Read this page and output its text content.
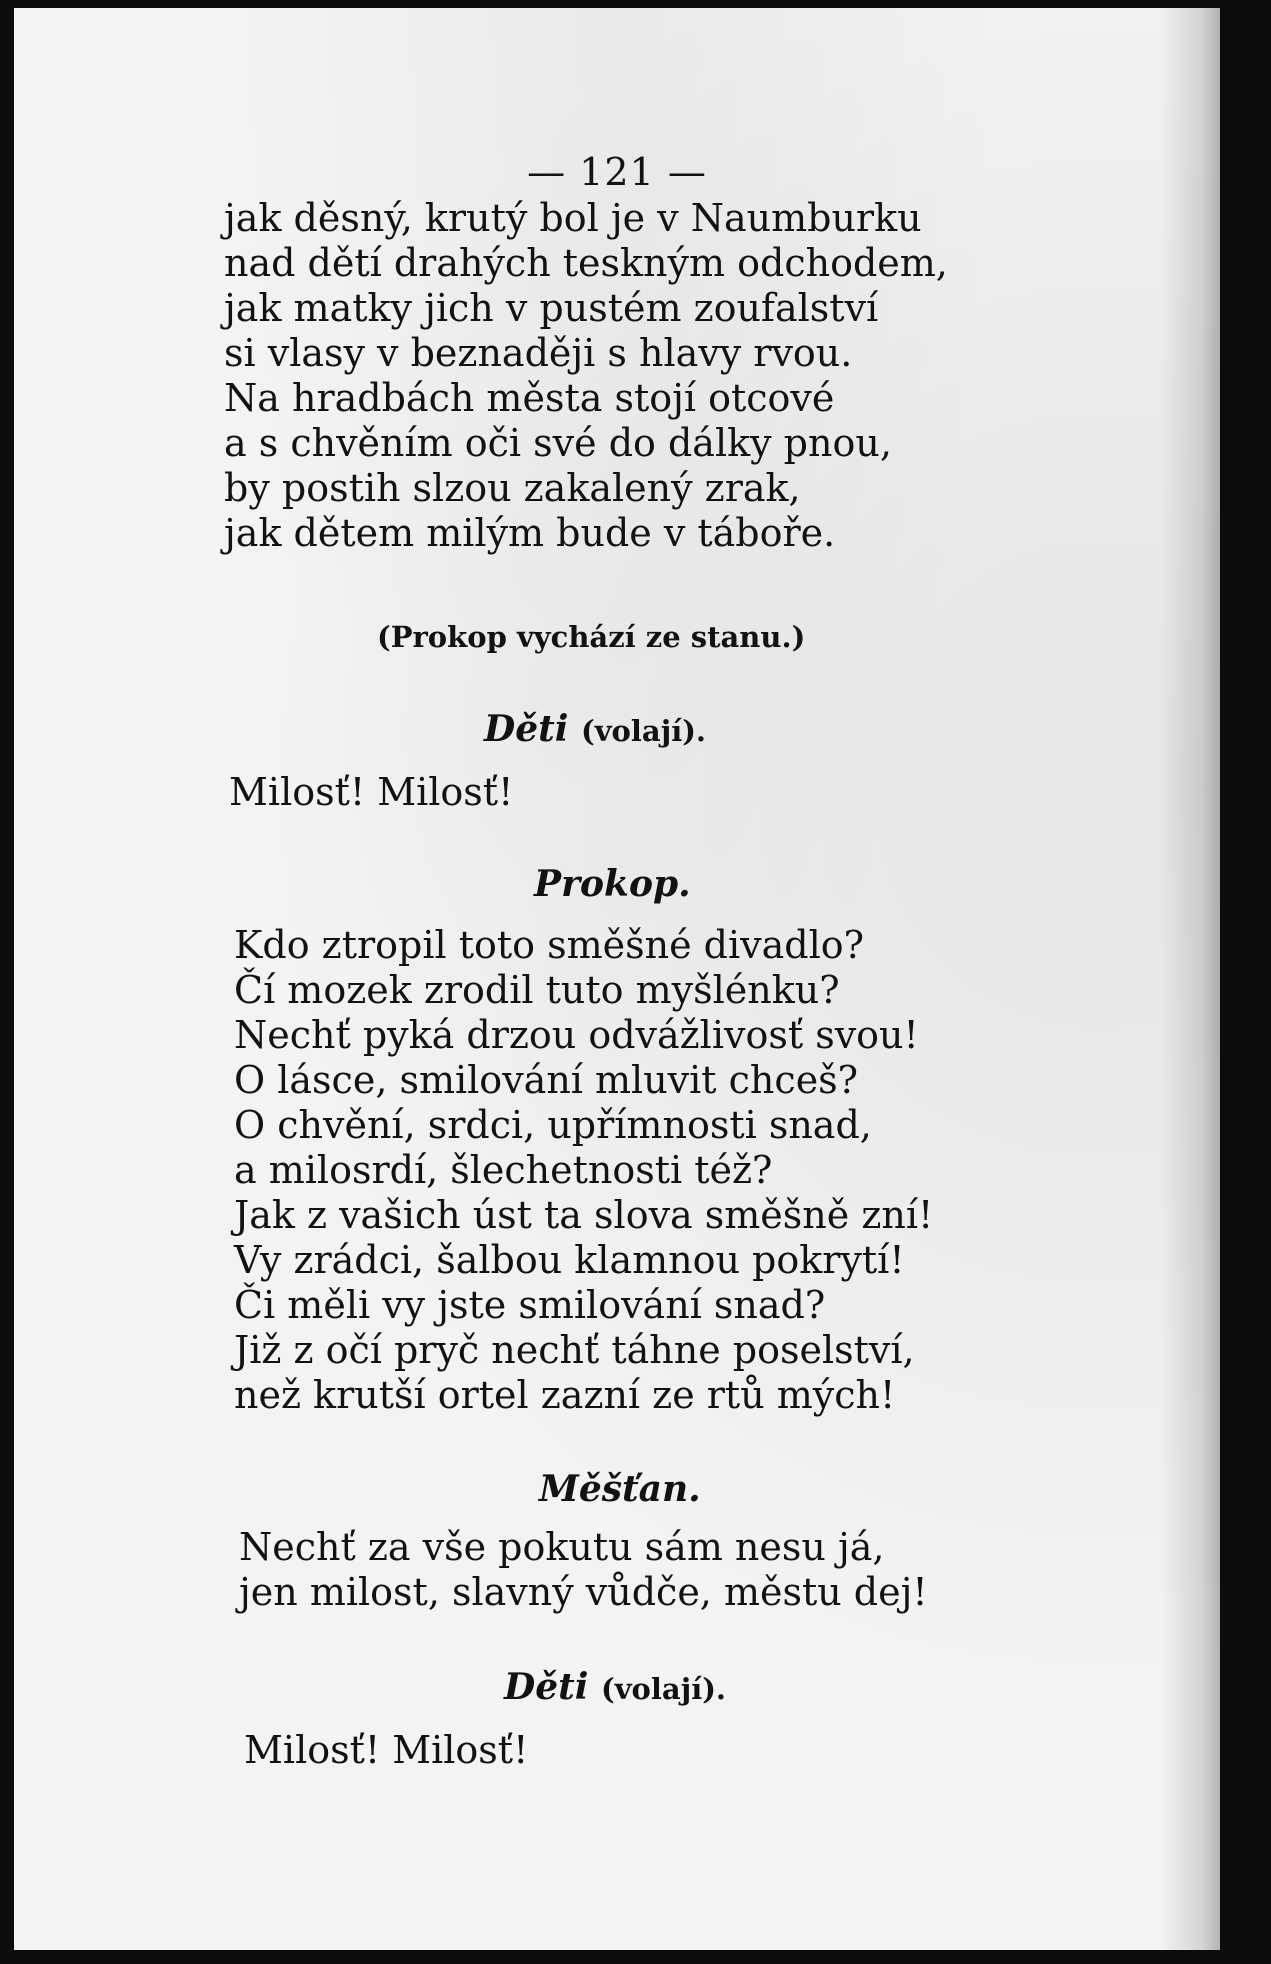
— 121 —
jak děsný, krutý bol je v Naumburku
nad dětí drahých teskným odchodem,
jak matky jich v pustém zoufalství
si vlasy v beznaději s hlavy rvou.
Na hradbách města stojí otcové
a s chvěním oči své do dálky pnou,
by postih slzou zakalený zrak,
jak dětem milým bude v táboře.
(Prokop vychází ze stanu.)
Děti (volají).
Milosť! Milosť!
Prokop.
Kdo ztropil toto směšné divadlo?
Čí mozek zrodil tuto myšlénku?
Nechť pyká drzou odvážlivosť svou!
O lásce, smilování mluvit chceš?
O chvění, srdci, upřímnosti snad,
a milosrdí, šlechetnosti též?
Jak z vašich úst ta slova směšně zní!
Vy zrádci, šalbou klamnou pokrytí!
Či měli vy jste smilování snad?
Již z očí pryč nechť táhne poselství,
než krutší ortel zazní ze rtů mých!
Měšťan.
Nechť za vše pokutu sám nesu já,
jen milost, slavný vůdče, městu dej!
Děti (volají).
Milosť! Milosť!
